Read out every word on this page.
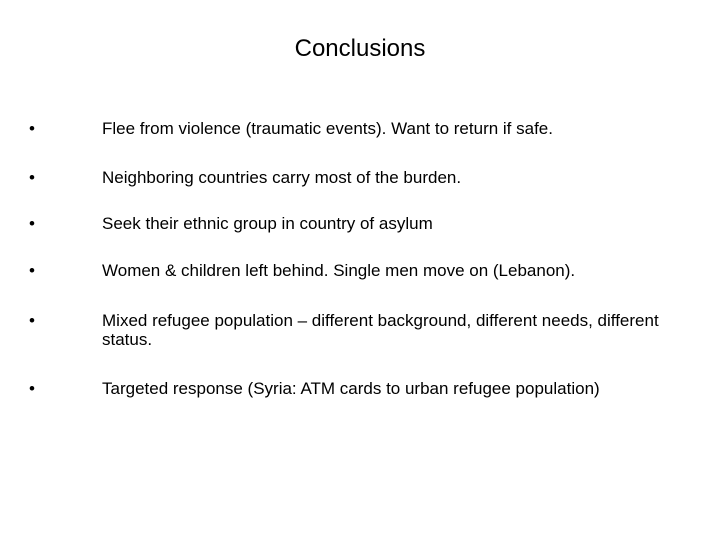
Conclusions
•	Flee from violence (traumatic events). Want to return if safe.
•	Neighboring countries carry most of the burden.
•	Seek their ethnic group in country of asylum
•	Women & children left behind. Single men move on (Lebanon).
•	Mixed refugee population – different background, different needs, different status.
•	Targeted response (Syria: ATM cards to urban refugee population)
